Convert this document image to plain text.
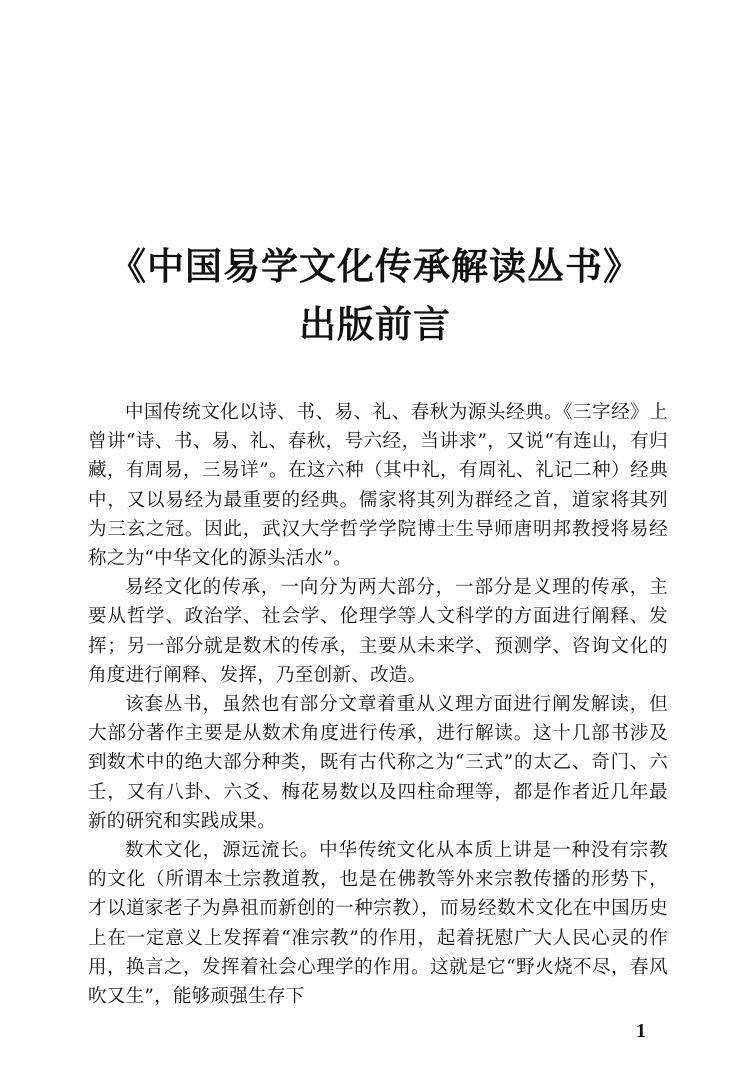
《中国易学文化传承解读丛书》
出版前言

中国传统文化以诗、书、易、礼、春秋为源头经典。《三字经》上曾讲“诗、书、易、礼、春秋，号六经，当讲求”，又说“有连山，有归藏，有周易，三易详”。在这六种（其中礼，有周礼、礼记二种）经典中，又以易经为最重要的经典。儒家将其列为群经之首，道家将其列为三玄之冠。因此，武汉大学哲学学院博士生导师唐明邦教授将易经称之为“中华文化的源头活水”。

易经文化的传承，一向分为两大部分，一部分是义理的传承，主要从哲学、政治学、社会学、伦理学等人文科学的方面进行阐释、发挥；另一部分就是数术的传承，主要从未来学、预测学、咨询文化的角度进行阐释、发挥，乃至创新、改造。

该套丛书，虽然也有部分文章着重从义理方面进行阐发解读，但大部分著作主要是从数术角度进行传承，进行解读。这十几部书涉及到数术中的绝大部分种类，既有古代称之为“三式”的太乙、奇门、六壬，又有八卦、六爻、梅花易数以及四柱命理等，都是作者近几年最新的研究和实践成果。

数术文化，源远流长。中华传统文化从本质上讲是一种没有宗教的文化（所谓本土宗教道教，也是在佛教等外来宗教传播的形势下，才以道家老子为鼻祖而新创的一种宗教），而易经数术文化在中国历史上在一定意义上发挥着“准宗教”的作用，起着抚慰广大人民心灵的作用，换言之，发挥着社会心理学的作用。这就是它“野火烧不尽，春风吹又生”，能够顽强生存下

1
